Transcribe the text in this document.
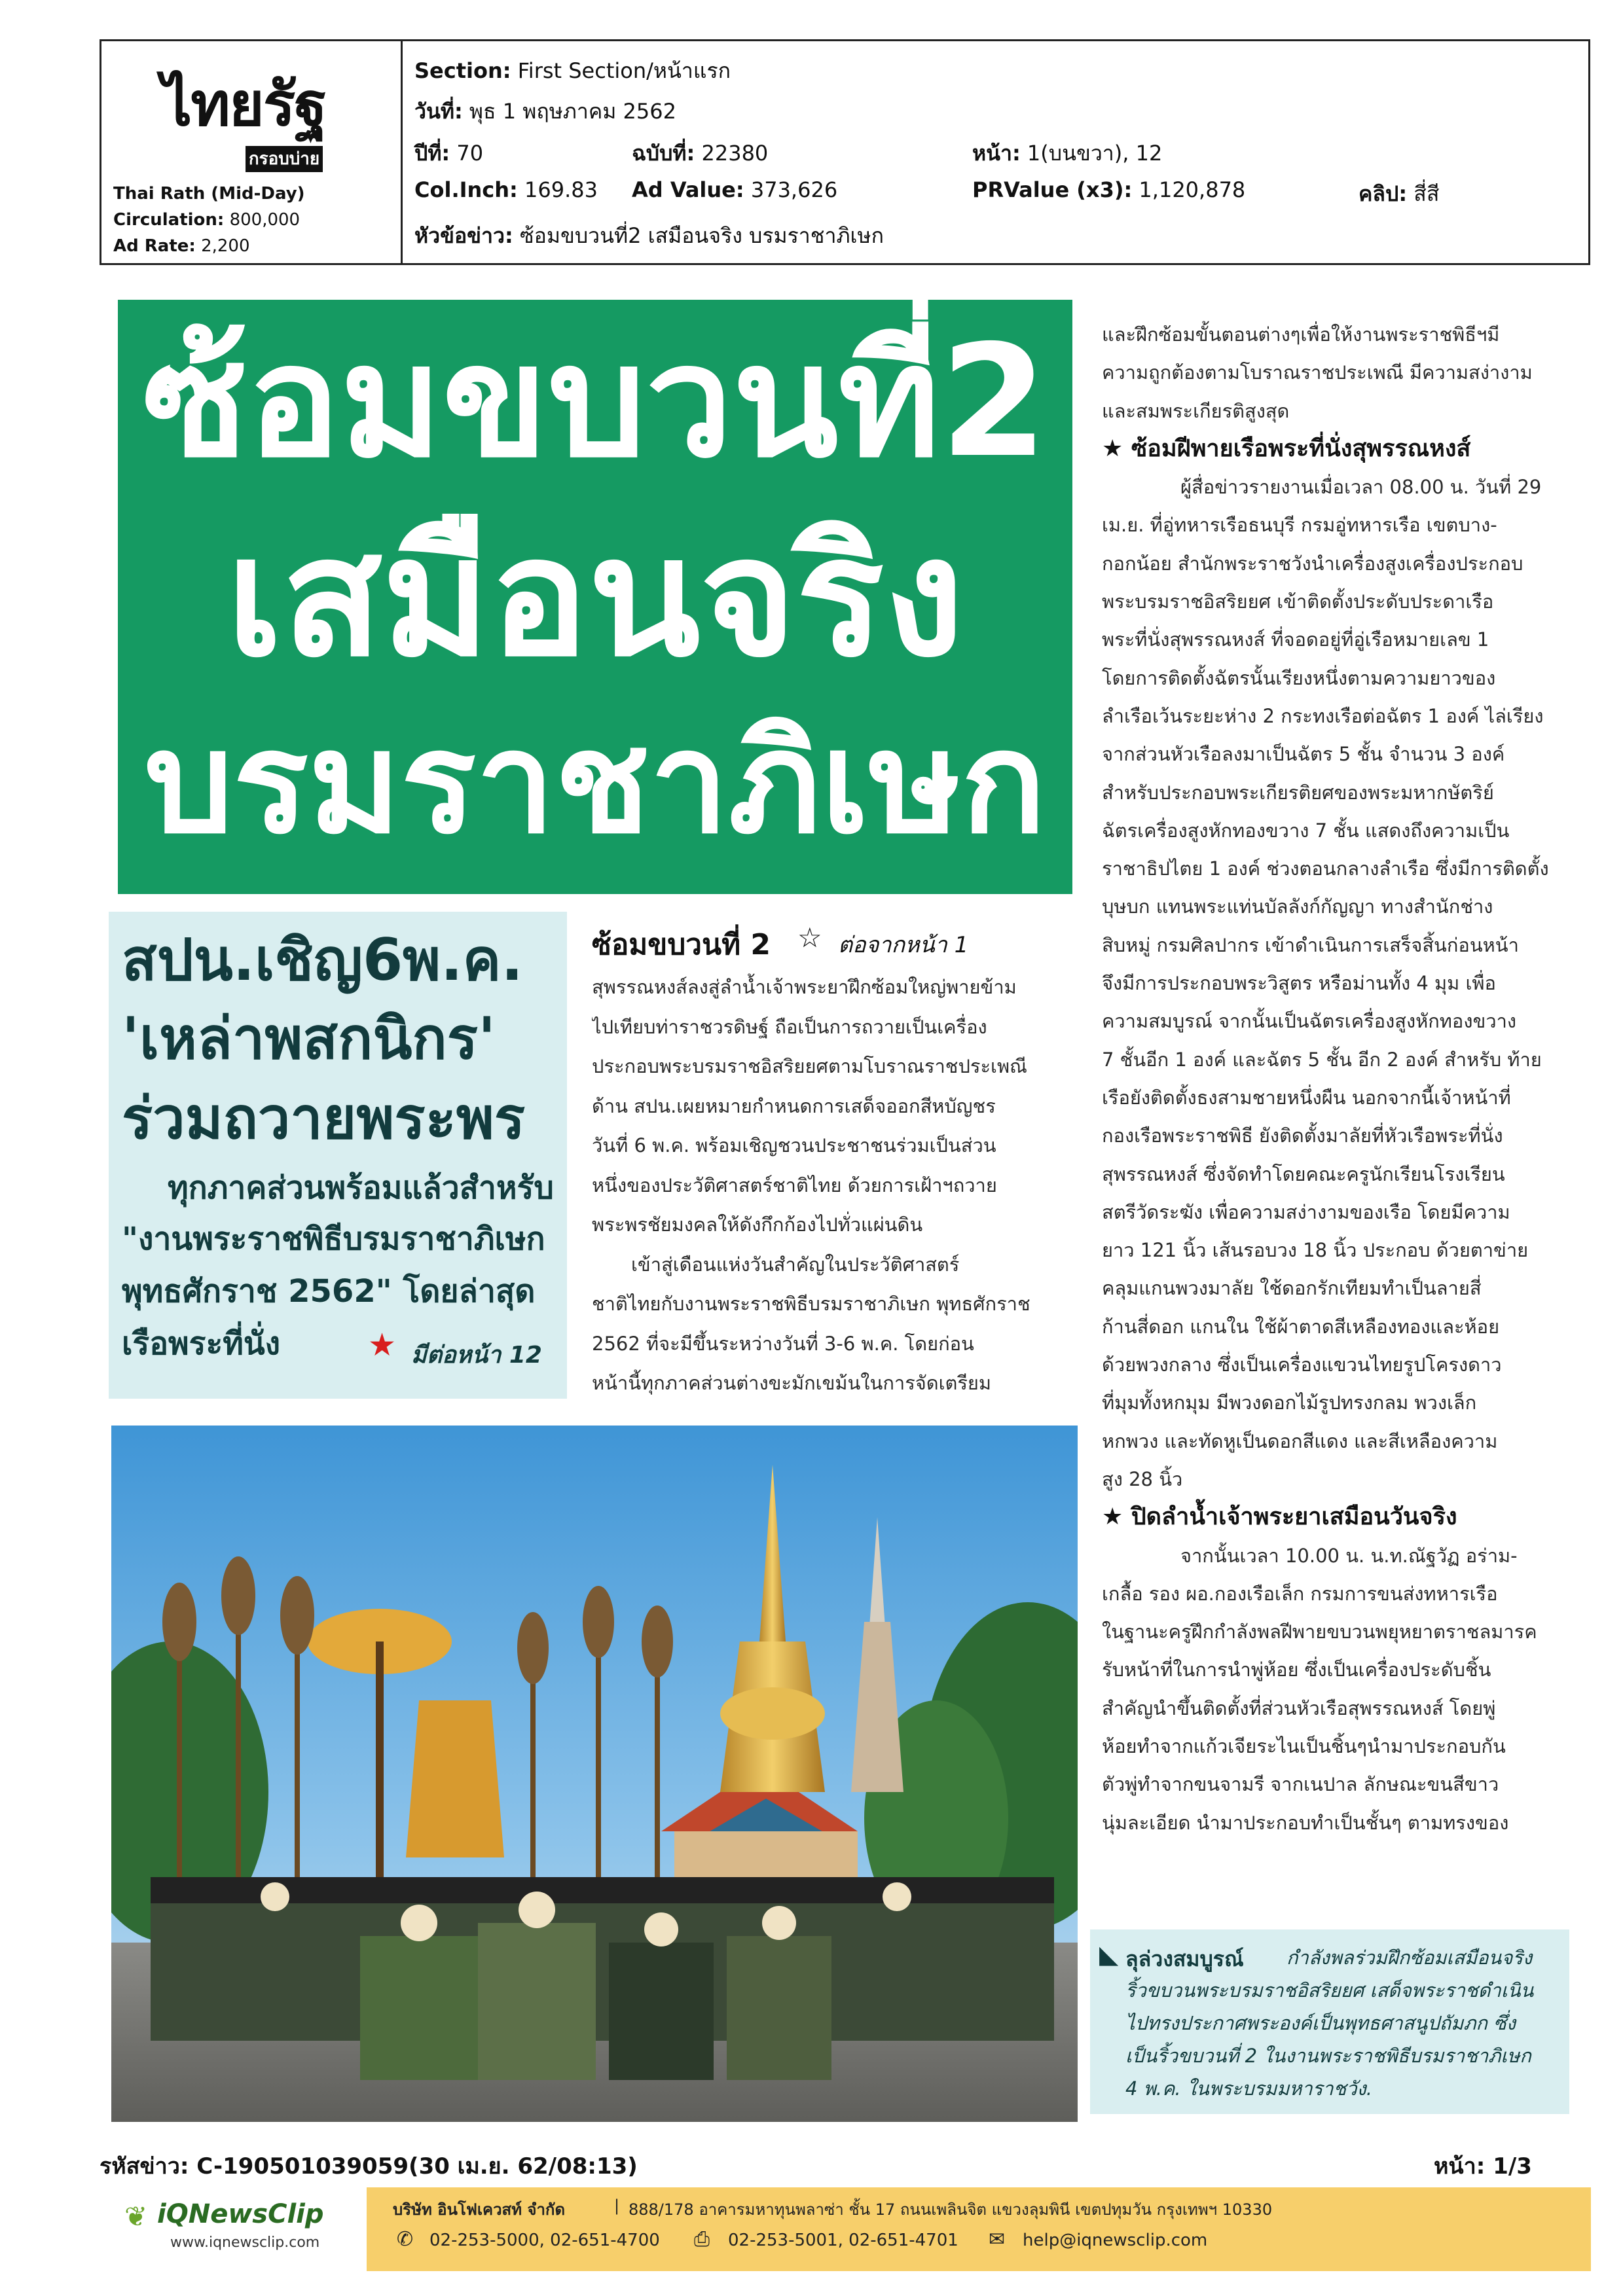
ไทยรัฐ
กรอบบ่าย
Thai Rath (Mid-Day)
Circulation: 800,000
Ad Rate: 2,200
Section: First Section/หน้าแรก
วันที่: พุธ 1 พฤษภาคม 2562
ปีที่: 70	ฉบับที่: 22380	หน้า: 1(บนขวา), 12
Col.Inch: 169.83 Ad Value: 373,626	PRValue (x3): 1,120,878	คลิป: สี่สี
หัวข้อข่าว: ซ้อมขบวนที่2 เสมือนจริง บรมราชาภิเษก
ซ้อมขบวนที่2
เสมือนจริง
บรมราชาภิเษก
สปน.เชิญ6พ.ค.
'เหล่าพสกนิกร'
ร่วมถวายพระพร
ทุกภาคส่วนพร้อมแล้วสำหรับ
"งานพระราชพิธีบรมราชาภิเษก
พุทธศักราช 2562" โดยล่าสุด
เรือพระที่นั่ง	★ มีต่อหน้า 12
ซ้อมขบวนที่ 2 ☆ ต่อจากหน้า 1
สุพรรณหงส์ลงสู่ลำน้ำเจ้าพระยาฝึกซ้อมใหญ่พายข้าม
ไปเทียบท่าราชวรดิษฐ์ ถือเป็นการถวายเป็นเครื่อง
ประกอบพระบรมราชอิสริยยศตามโบราณราชประเพณี
ด้าน สปน.เผยหมายกำหนดการเสด็จออกสีหบัญชร
วันที่ 6 พ.ค. พร้อมเชิญชวนประชาชนร่วมเป็นส่วน
หนึ่งของประวัติศาสตร์ชาติไทย ด้วยการเฝ้าฯถวาย
พระพรชัยมงคลให้ดังกึกก้องไปทั่วแผ่นดิน
เข้าสู่เดือนแห่งวันสำคัญในประวัติศาสตร์
ชาติไทยกับงานพระราชพิธีบรมราชาภิเษก พุทธศักราช
2562 ที่จะมีขึ้นระหว่างวันที่ 3-6 พ.ค. โดยก่อน
หน้านี้ทุกภาคส่วนต่างขะมักเขม้นในการจัดเตรียม
และฝึกซ้อมขั้นตอนต่างๆเพื่อให้งานพระราชพิธีฯมี
ความถูกต้องตามโบราณราชประเพณี มีความสง่างาม
และสมพระเกียรติสูงสุด
★ ซ้อมฝีพายเรือพระที่นั่งสุพรรณหงส์
ผู้สื่อข่าวรายงานเมื่อเวลา 08.00 น. วันที่ 29
เม.ย. ที่อู่ทหารเรือธนบุรี กรมอู่ทหารเรือ เขตบาง-
กอกน้อย สำนักพระราชวังนำเครื่องสูงเครื่องประกอบ
พระบรมราชอิสริยยศ เข้าติดตั้งประดับประดาเรือ
พระที่นั่งสุพรรณหงส์ ที่จอดอยู่ที่อู่เรือหมายเลข 1
โดยการติดตั้งฉัตรนั้นเรียงหนึ่งตามความยาวของ
ลำเรือเว้นระยะห่าง 2 กระทงเรือต่อฉัตร 1 องค์ ไล่เรียง
จากส่วนหัวเรือลงมาเป็นฉัตร 5 ชั้น จำนวน 3 องค์
สำหรับประกอบพระเกียรติยศของพระมหากษัตริย์
ฉัตรเครื่องสูงหักทองขวาง 7 ชั้น แสดงถึงความเป็น
ราชาธิปไตย 1 องค์ ช่วงตอนกลางลำเรือ ซึ่งมีการติดตั้ง
บุษบก แทนพระแท่นบัลลังก์กัญญา ทางสำนักช่าง
สิบหมู่ กรมศิลปากร เข้าดำเนินการเสร็จสิ้นก่อนหน้า
จึงมีการประกอบพระวิสูตร หรือม่านทั้ง 4 มุม เพื่อ
ความสมบูรณ์ จากนั้นเป็นฉัตรเครื่องสูงหักทองขวาง
7 ชั้นอีก 1 องค์ และฉัตร 5 ชั้น อีก 2 องค์ สำหรับ ท้าย
เรือยังติดตั้งธงสามชายหนึ่งผืน นอกจากนี้เจ้าหน้าที่
กองเรือพระราชพิธี ยังติดตั้งมาลัยที่หัวเรือพระที่นั่ง
สุพรรณหงส์ ซึ่งจัดทำโดยคณะครูนักเรียนโรงเรียน
สตรีวัดระฆัง เพื่อความสง่างามของเรือ โดยมีความ
ยาว 121 นิ้ว เส้นรอบวง 18 นิ้ว ประกอบ ด้วยตาข่าย
คลุมแกนพวงมาลัย ใช้ดอกรักเทียมทำเป็นลายสี่
ก้านสี่ดอก แกนใน ใช้ผ้าตาดสีเหลืองทองและห้อย
ด้วยพวงกลาง ซึ่งเป็นเครื่องแขวนไทยรูปโครงดาว
ที่มุมทั้งหกมุม มีพวงดอกไม้รูปทรงกลม พวงเล็ก
หกพวง และทัดหูเป็นดอกสีแดง และสีเหลืองความ
สูง 28 นิ้ว
★ ปิดลำน้ำเจ้าพระยาเสมือนวันจริง
จากนั้นเวลา 10.00 น. น.ท.ณัฐวัฏ อร่าม-
เกลื้อ รอง ผอ.กองเรือเล็ก กรมการขนส่งทหารเรือ
ในฐานะครูฝึกกำลังพลฝีพายขบวนพยุหยาตราชลมารค
รับหน้าที่ในการนำพู่ห้อย ซึ่งเป็นเครื่องประดับชิ้น
สำคัญนำขึ้นติดตั้งที่ส่วนหัวเรือสุพรรณหงส์ โดยพู่
ห้อยทำจากแก้วเจียระไนเป็นชิ้นๆนำมาประกอบกัน
ตัวพู่ทำจากขนจามรี จากเนปาล ลักษณะขนสีขาว
นุ่มละเอียด นำมาประกอบทำเป็นชั้นๆ ตามทรงของ
◣ ลุล่วงสมบูรณ์ กำลังพลร่วมฝึกซ้อมเสมือนจริง
ริ้วขบวนพระบรมราชอิสริยยศ เสด็จพระราชดำเนิน
ไปทรงประกาศพระองค์เป็นพุทธศาสนูปถัมภก ซึ่ง
เป็นริ้วขบวนที่ 2 ในงานพระราชพิธีบรมราชาภิเษก
4 พ.ค. ในพระบรมมหาราชวัง.
รหัสข่าว: C-190501039059(30 เม.ย. 62/08:13)	หน้า: 1/3
❦ iQNewsClip
www.iqnewsclip.com
บริษัท อินโฟเควสท์ จำกัด	| 888/178 อาคารมหาทุนพลาซ่า ชั้น 17 ถนนเพลินจิต แขวงลุมพินี เขตปทุมวัน กรุงเทพฯ 10330
✆ 02-253-5000, 02-651-4700 ⎙ 02-253-5001, 02-651-4701 ✉ help@iqnewsclip.com
